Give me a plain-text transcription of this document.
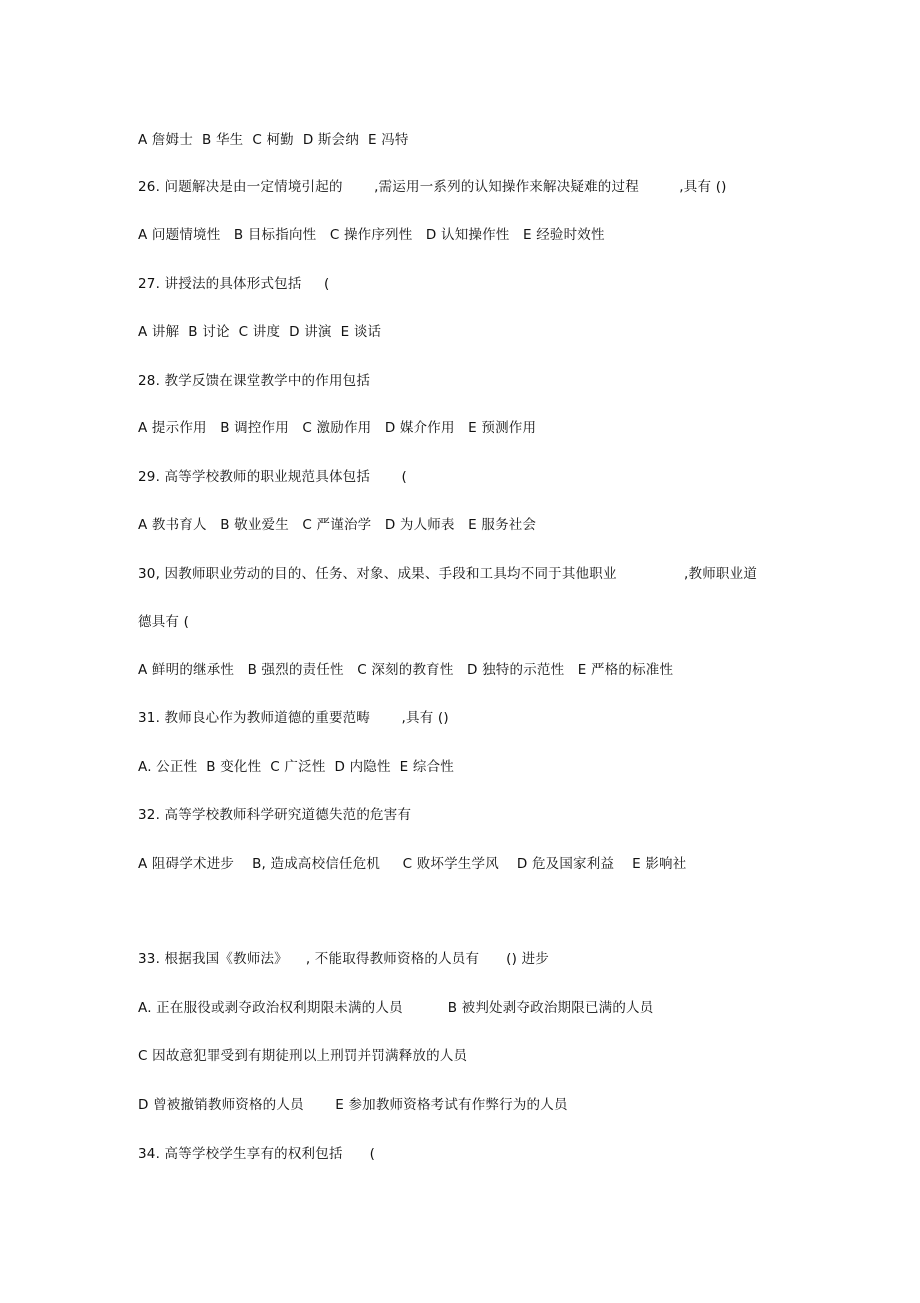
A 詹姆士  B 华生  C 柯勤  D 斯会纳  E 冯特
26. 问题解决是由一定情境引起的       ,需运用一系列的认知操作来解决疑难的过程         ,具有 ()
A 问题情境性   B 目标指向性   C 操作序列性   D 认知操作性   E 经验时效性
27. 讲授法的具体形式包括     (
A 讲解  B 讨论  C 讲度  D 讲演  E 谈话
28. 教学反馈在课堂教学中的作用包括
A 提示作用   B 调控作用   C 激励作用   D 媒介作用   E 预测作用
29. 高等学校教师的职业规范具体包括       (
A 教书育人   B 敬业爱生   C 严谨治学   D 为人师表   E 服务社会
30, 因教师职业劳动的目的、任务、对象、成果、手段和工具均不同于其他职业               ,教师职业道
德具有 (
A 鲜明的继承性   B 强烈的责任性   C 深刻的教育性   D 独特的示范性   E 严格的标准性
31. 教师良心作为教师道德的重要范畴       ,具有 ()
A. 公正性  B 变化性  C 广泛性  D 内隐性  E 综合性
32. 高等学校教师科学研究道德失范的危害有
A 阻碍学术进步    B, 造成高校信任危机     C 败坏学生学风    D 危及国家利益    E 影响社
33. 根据我国《教师法》    , 不能取得教师资格的人员有      () 进步
A. 正在服役或剥夺政治权利期限未满的人员          B 被判处剥夺政治期限已满的人员
C 因故意犯罪受到有期徒刑以上刑罚并罚满释放的人员
D 曾被撤销教师资格的人员       E 参加教师资格考试有作弊行为的人员
34. 高等学校学生享有的权利包括      (
